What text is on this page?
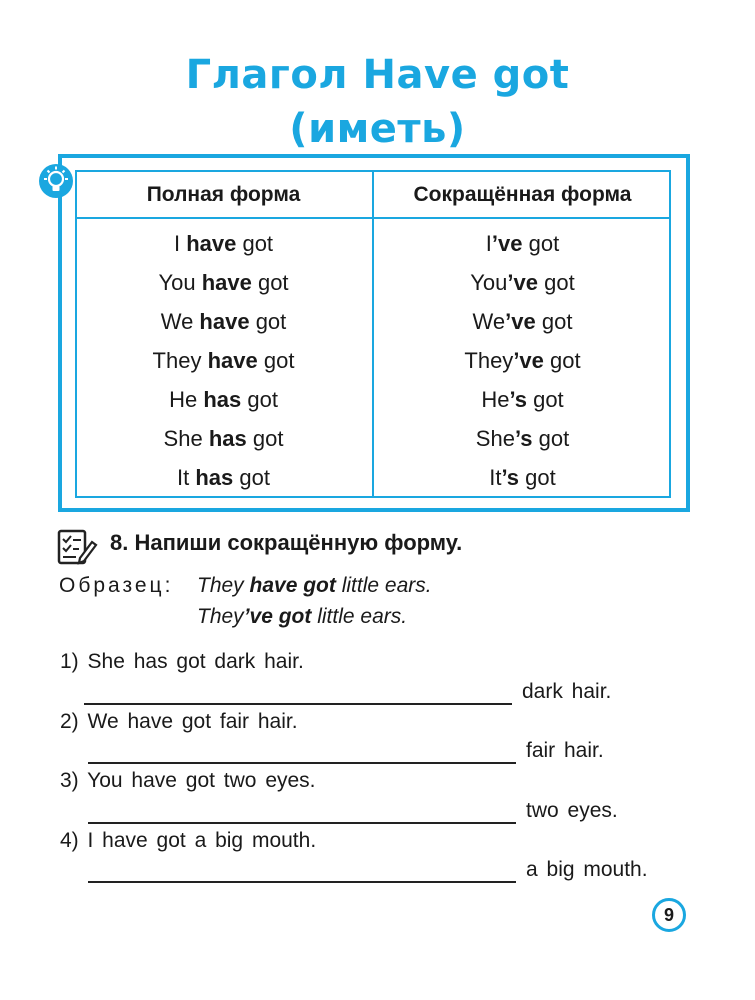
Глагол Have got
(иметь)
Полная форма	Сокращённая форма
I have got
You have got
We have got
They have got
He has got
She has got
It has got
I’ve got
You’ve got
We’ve got
They’ve got
He’s got
She’s got
It’s got
8. Напиши сокращённую форму.
Образец: They have got little ears.
They’ve got little ears.
1) She has got dark hair.
dark hair.
2) We have got fair hair.
fair hair.
3) You have got two eyes.
two eyes.
4) I have got a big mouth.
a big mouth.
9
